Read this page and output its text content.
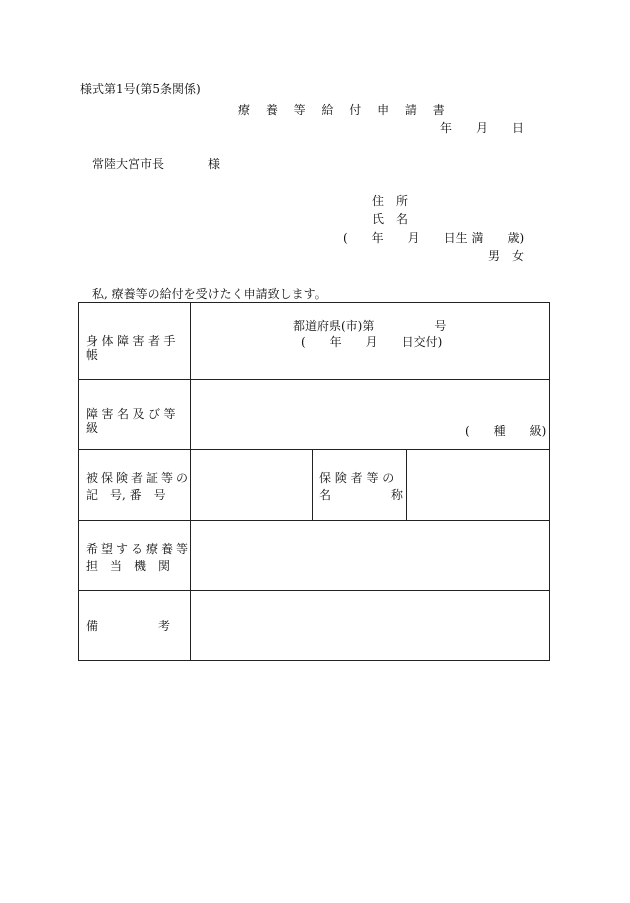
様式第1号(第5条関係)
療 養 等 給 付 申 請 書
年　　月　　日
常陸大宮市長	様
住　所
氏　名
(　　年　　月　　日生 満　　歳)
男　女
私, 療養等の給付を受けたく申請致します。
身体障害者手帳
都道府県(市)第　　　　　号
(　　年　　月　　日交付)
障害名及び等級	(　　種　　級)
被保険者証等の
記　号, 番　号
保 険 者 等 の
名　　　　　称
希望する療養等
担　当　機　関
備　　　　　考
